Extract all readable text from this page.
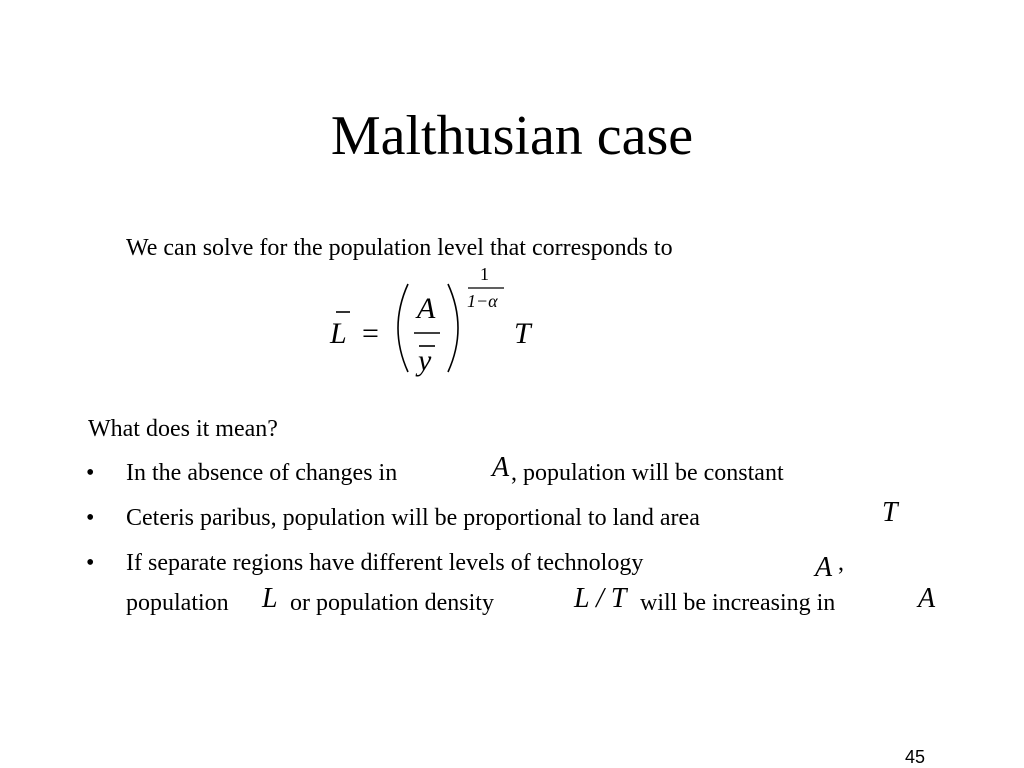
Malthusian case
We can solve for the population level that corresponds to
L =
A
y
1
1−α
T
What does it mean?
• In the absence of changes in	A , population will be constant
• Ceteris paribus, population will be proportional to land area	T
• If separate regions have different levels of technology	A ,
population L or population density	L / T will be increasing in	A
45
